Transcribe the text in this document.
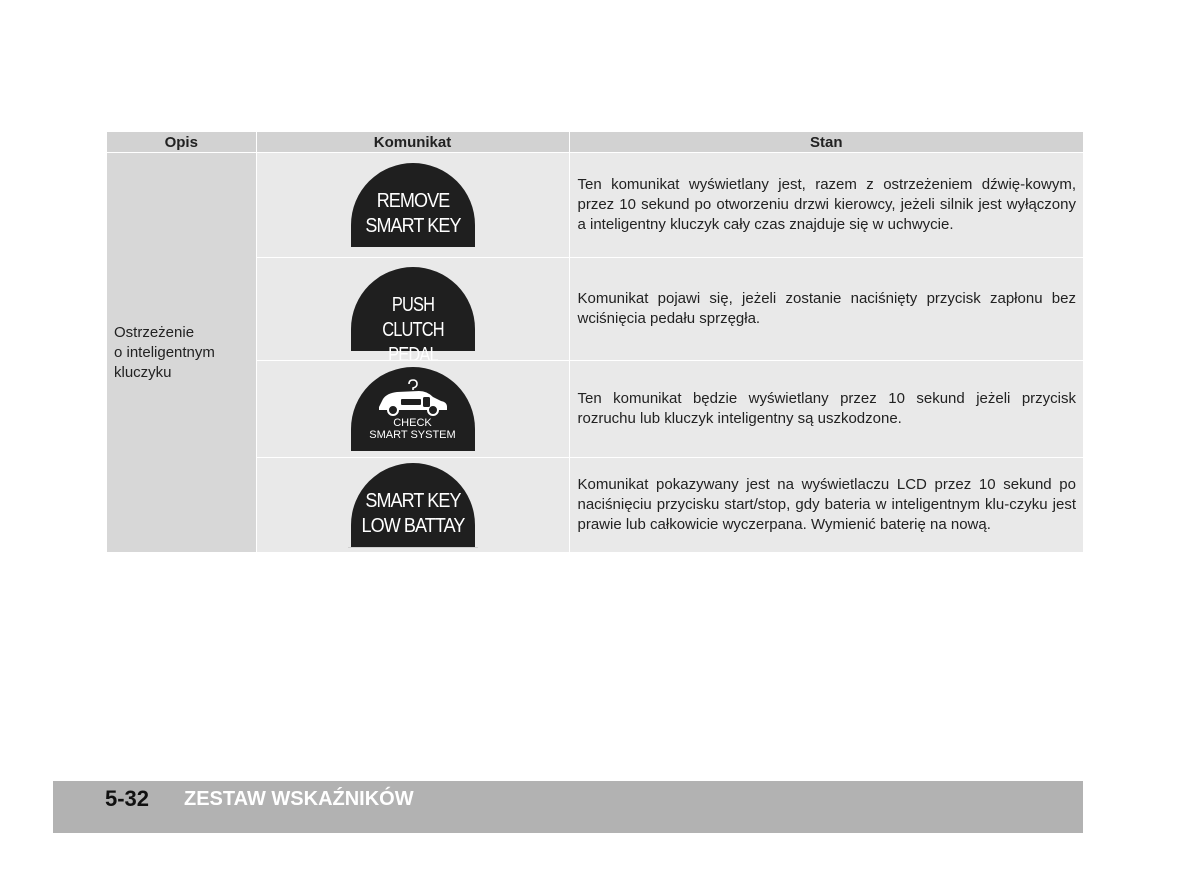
Opis	Komunikat	Stan
Ostrzeżenie
o inteligentnym
kluczyku	REMOVE
SMART KEY	Ten komunikat wyświetlany jest, razem z ostrzeżeniem dźwię-kowym, przez 10 sekund po otworzeniu drzwi kierowcy, jeżeli silnik jest wyłączony a inteligentny kluczyk cały czas znajduje się w uchwycie.

	PUSH
CLUTCH PEDAL	Komunikat pojawi się, jeżeli zostanie naciśnięty przycisk zapłonu bez wciśnięcia pedału sprzęgła.

	CHECK
SMART SYSTEM	Ten komunikat będzie wyświetlany przez 10 sekund jeżeli przycisk rozruchu lub kluczyk inteligentny są uszkodzone.

	SMART KEY
LOW BATTAY	Komunikat pokazywany jest na wyświetlaczu LCD przez 10 sekund po naciśnięciu przycisku start/stop, gdy bateria w inteligentnym klu-czyku jest prawie lub całkowicie wyczerpana. Wymienić baterię na nową.
5-32 ZESTAW WSKAŹNIKÓW
